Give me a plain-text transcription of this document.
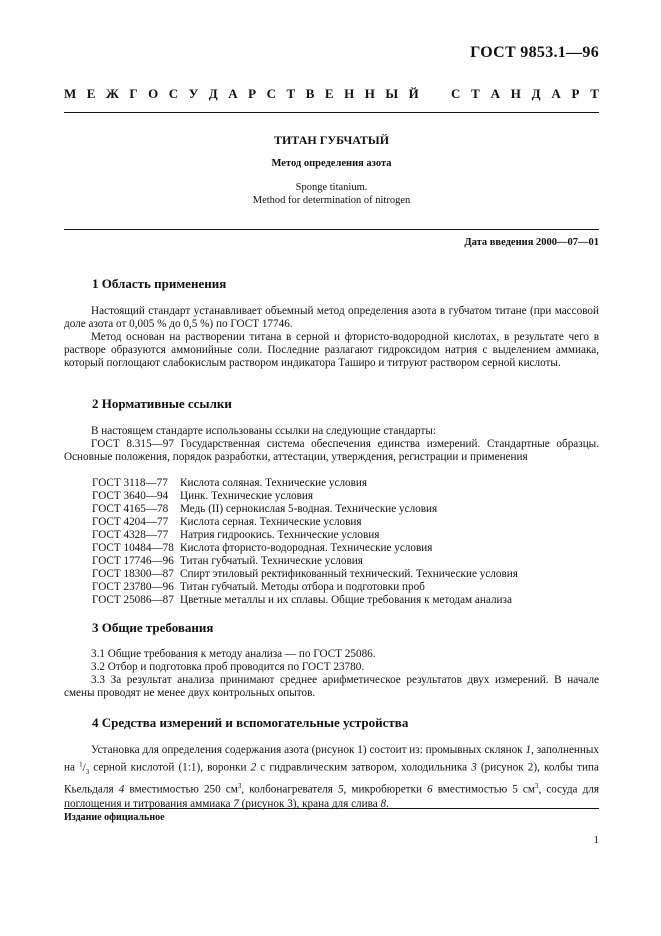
ГОСТ 9853.1—96
М Е Ж Г О С У Д А Р С Т В Е Н Н Ы Й С Т А Н Д А Р Т
ТИТАН ГУБЧАТЫЙ
Метод определения азота
Sponge titanium.
Method for determination of nitrogen
Дата введения 2000—07—01
1 Область применения
Настоящий стандарт устанавливает объемный метод определения азота в губчатом титане (при массовой доле азота от 0,005 % до 0,5 %) по ГОСТ 17746.
Метод основан на растворении титана в серной и фтористо-водородной кислотах, в результате чего в растворе образуются аммонийные соли. Последние разлагают гидроксидом натрия с выделением аммиака, который поглощают слабокислым раствором индикатора Таширо и титруют раствором серной кислоты.
2 Нормативные ссылки
В настоящем стандарте использованы ссылки на следующие стандарты:
ГОСТ 8.315—97 Государственная система обеспечения единства измерений. Стандартные образцы. Основные положения, порядок разработки, аттестации, утверждения, регистрации и применения
ГОСТ 3118—77 Кислота соляная. Технические условия
ГОСТ 3640—94 Цинк. Технические условия
ГОСТ 4165—78 Медь (II) сернокислая 5-водная. Технические условия
ГОСТ 4204—77 Кислота серная. Технические условия
ГОСТ 4328—77 Натрия гидроокись. Технические условия
ГОСТ 10484—78 Кислота фтористо-водородная. Технические условия
ГОСТ 17746—96 Титан губчатый. Технические условия
ГОСТ 18300—87 Спирт этиловый ректификованный технический. Технические условия
ГОСТ 23780—96 Титан губчатый. Методы отбора и подготовки проб
ГОСТ 25086—87 Цветные металлы и их сплавы. Общие требования к методам анализа
3 Общие требования
3.1 Общие требования к методу анализа — по ГОСТ 25086.
3.2 Отбор и подготовка проб проводится по ГОСТ 23780.
3.3 За результат анализа принимают среднее арифметическое результатов двух измерений. В начале смены проводят не менее двух контрольных опытов.
4 Средства измерений и вспомогательные устройства
Установка для определения содержания азота (рисунок 1) состоит из: промывных склянок 1, заполненных на $^1/_3$ серной кислотой (1:1), воронки 2 с гидравлическим затвором, холодильника 3 (рисунок 2), колбы типа Кьельдаля 4 вместимостью 250 $см^3$, колбонагревателя 5, микробюретки 6 вместимостью 5 $см^3$, сосуда для поглощения и титрования аммиака 7 (рисунок 3), крана для слива 8.
Издание официальное
1
